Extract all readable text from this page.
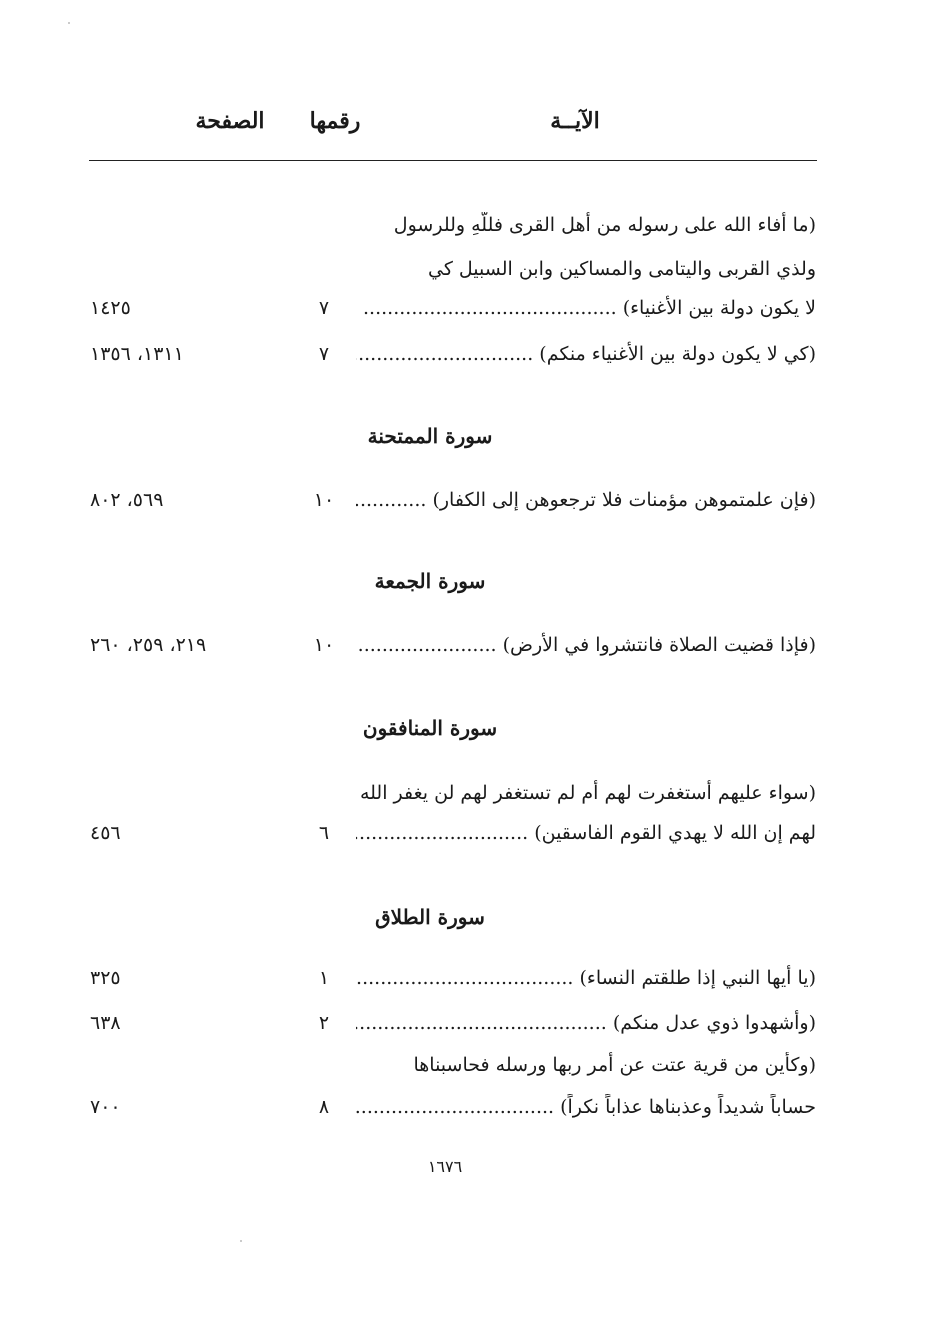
الآيــة
رقمها
الصفحة
(ما أفاء الله على رسوله من أهل القرى فللَّهِ وللرسول
ولذي القربى واليتامى والمساكين وابن السبيل كي
لا يكون دولة بين الأغنياء) .....
٧
١٤٢٥
(كي لا يكون دولة بين الأغنياء منكم) .....
٧
١٣١١، ١٣٥٦
سورة الممتحنة
(فإن علمتموهن مؤمنات فلا ترجعوهن إلى الكفار) .....
١٠
٥٦٩، ٨٠٢
سورة الجمعة
(فإذا قضيت الصلاة فانتشروا في الأرض) .....
١٠
٢١٩، ٢٥٩، ٢٦٠
سورة المنافقون
(سواء عليهم أستغفرت لهم أم لم تستغفر لهم لن يغفر الله
لهم إن الله لا يهدي القوم الفاسقين) .....
٦
٤٥٦
سورة الطلاق
(يا أيها النبي إذا طلقتم النساء) .....
١
٣٢٥
(وأشهدوا ذوي عدل منكم) .....
٢
٦٣٨
(وكأين من قرية عتت عن أمر ربها ورسله فحاسبناها
حساباً شديداً وعذبناها عذاباً نكراً) .....
٨
٧٠٠
١٦٧٦
